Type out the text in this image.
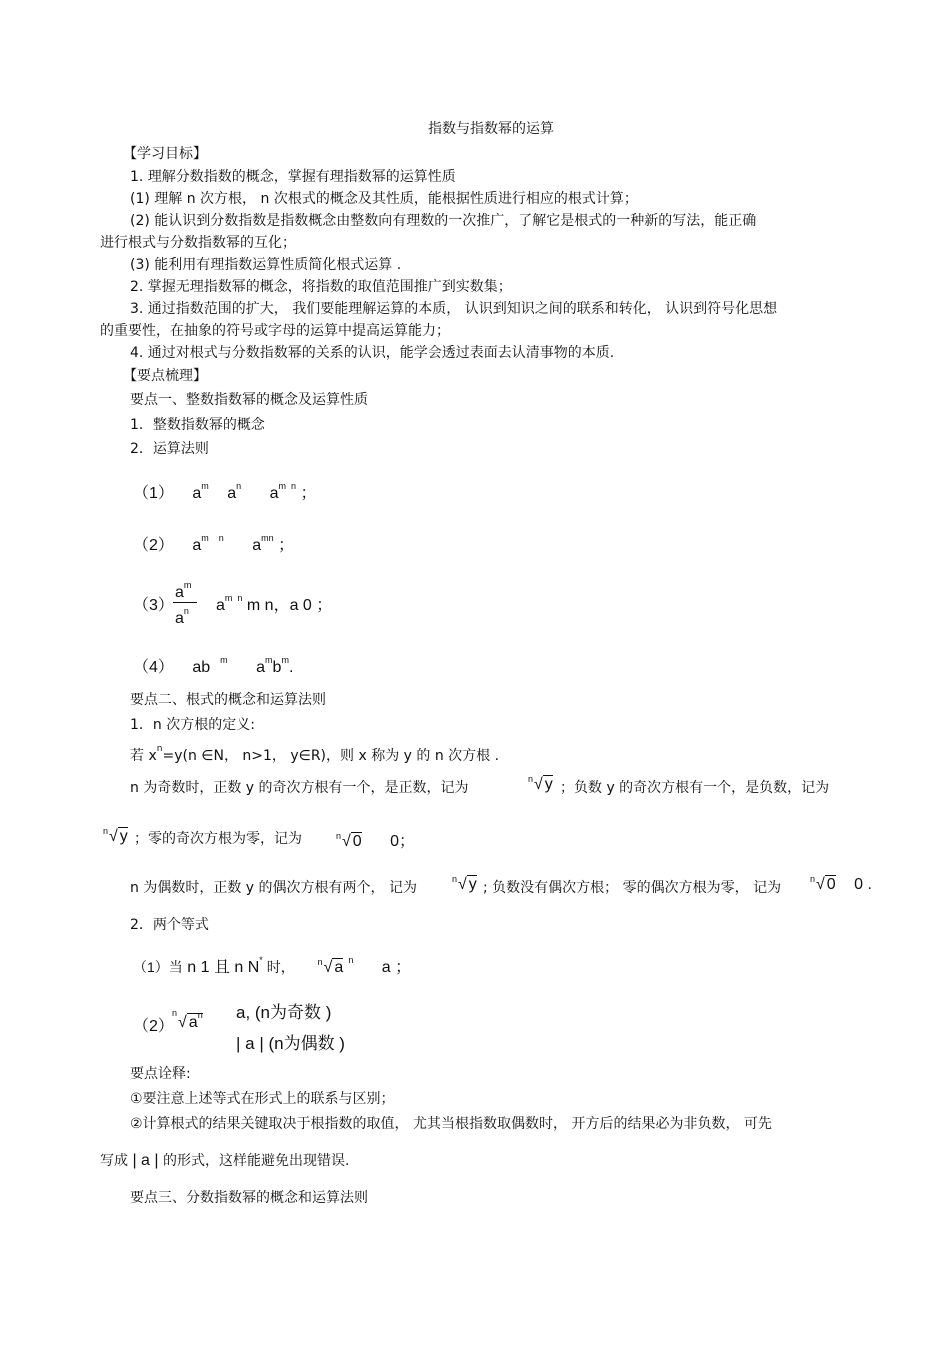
指数与指数幂的运算
【学习目标】
1. 理解分数指数的概念，掌握有理指数幂的运算性质
(1) 理解 n 次方根， n 次根式的概念及其性质，能根据性质进行相应的根式计算；
(2) 能认识到分数指数是指数概念由整数向有理数的一次推广，了解它是根式的一种新的写法，能正确
进行根式与分数指数幂的互化；
(3) 能利用有理指数运算性质简化根式运算 .
2. 掌握无理指数幂的概念，将指数的取值范围推广到实数集；
3. 通过指数范围的扩大， 我们要能理解运算的本质， 认识到知识之间的联系和转化， 认识到符号化思想
的重要性，在抽象的符号或字母的运算中提高运算能力；
4. 通过对根式与分数指数幂的关系的认识，能学会透过表面去认清事物的本质.
【要点梳理】
要点一、整数指数幂的概念及运算性质
1．整数指数幂的概念
2．运算法则
（1） $a^m$ $a^n$ $a^m$ $^n$ ；
（2） $a^m$ $^n$ $a^{mn}$ ；
（3）
$a^m$
$a^n$ $a^m$ $^n$ m n，a 0 ；
（4） ab $^m$ $a^mb^m$.
要点二、根式的概念和运算法则
1．n 次方根的定义:
若 $x^n=y(n$ ∈N， n>1， y∈R)，则 x 称为 y 的 n 次方根 .
n 为奇数时，正数 y 的奇次方根有一个，是正数，记为
n √ y ；负数 y 的奇次方根有一个，是负数，记为
n √ y ；零的奇次方根为零，记为	n √ 0 0；
n 为偶数时，正数 y 的偶次方根有两个， 记为
n √ y ; 负数没有偶次方根； 零的偶次方根为零， 记为
n √ 0 0 .
2．两个等式
（1）当 n 1 且 n N* 时，	n √ a $^n$ a ；
（2）
n
√ $a^n$ a, (n为奇数 )
| a | (n为偶数 )
要点诠释:
①要注意上述等式在形式上的联系与区别；
②计算根式的结果关键取决于根指数的取值， 尤其当根指数取偶数时， 开方后的结果必为非负数， 可先
写成 | a | 的形式，这样能避免出现错误.
要点三、分数指数幂的概念和运算法则
